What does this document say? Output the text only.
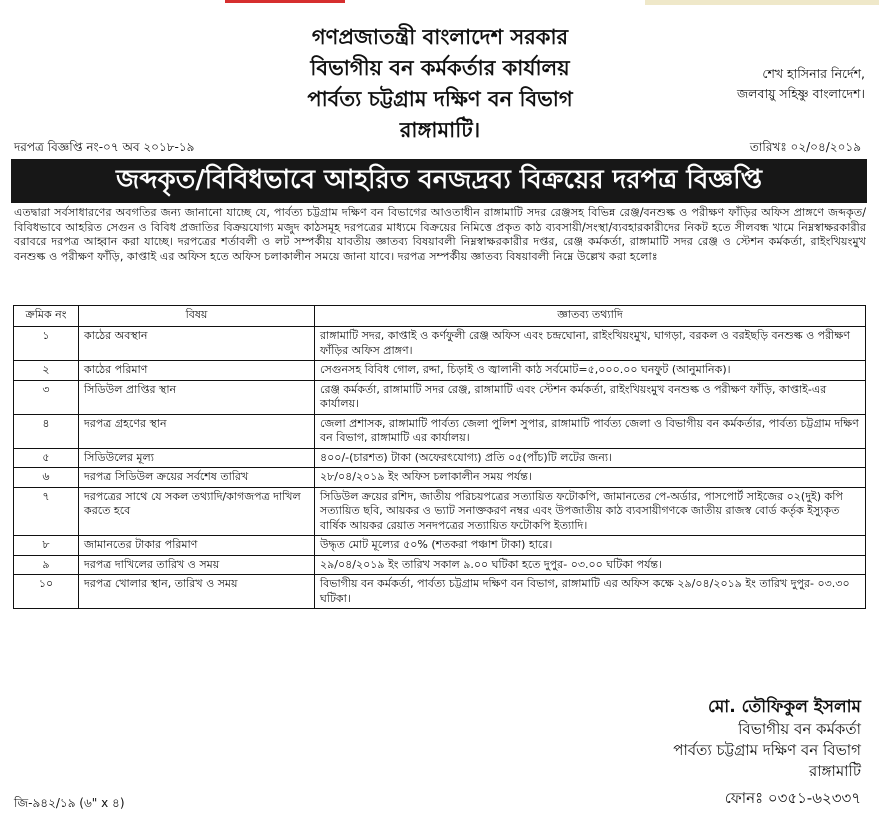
গণপ্রজাতন্ত্রী বাংলাদেশ সরকার
বিভাগীয় বন কর্মকর্তার কার্যালয়
পার্বত্য চট্টগ্রাম দক্ষিণ বন বিভাগ
রাঙ্গামাটি।
শেখ হাসিনার নির্দেশ,
জলবায়ু সহিষ্ণু বাংলাদেশ।
দরপত্র বিজ্ঞপ্তি নং-০৭ অব ২০১৮-১৯	তারিখঃ ০২/০৪/২০১৯
জব্দকৃত/বিবিধভাবে আহরিত বনজদ্রব্য বিক্রয়ের দরপত্র বিজ্ঞপ্তি
এতদ্বারা সর্বসাধারণের অবগতির জন্য জানানো যাচ্ছে যে, পার্বত্য চট্টগ্রাম দক্ষিণ বন বিভাগের আওতাধীন রাঙ্গামাটি সদর রেঞ্জসহ বিভিন্ন রেঞ্জ/বনশুল্ক ও পরীক্ষণ ফাঁড়ির অফিস প্রাঙ্গণে জব্দকৃত/বিবিধভাবে আহরিত সেগুন ও বিবিধ প্রজাতির বিক্রয়যোগ্য মজুদ কাঠসমূহ দরপত্রের মাধ্যমে বিক্রয়ের নিমিত্তে প্রকৃত কাঠ ব্যবসায়ী/সংস্থা/ব্যবহারকারীদের নিকট হতে সীলবন্ধ খামে নিম্নস্বাক্ষরকারীর বরাবরে দরপত্র আহ্বান করা যাচ্ছে। দরপত্রের শর্তাবলী ও লট সম্পর্কীয় যাবতীয় জ্ঞাতব্য বিষয়াবলী নিম্নস্বাক্ষরকারীর দপ্তর, রেঞ্জ কর্মকর্তা, রাঙ্গামাটি সদর রেঞ্জ ও স্টেশন কর্মকর্তা, রাইংখিয়ংমুখ বনশুল্ক ও পরীক্ষণ ফাঁড়ি, কাপ্তাই এর অফিস হতে অফিস চলাকালীন সময়ে জানা যাবে। দরপত্র সম্পর্কীয় জ্ঞাতব্য বিষয়াবলী নিম্নে উল্লেখ করা হলোঃ
ক্রমিক নং	বিষয়	জ্ঞাতব্য তথ্যাদি
১	কাঠের অবস্থান	রাঙ্গামাটি সদর, কাপ্তাই ও কর্ণফুলী রেঞ্জ অফিস এবং চন্দ্রঘোনা, রাইংখিয়ংমুখ, ঘাগড়া, বরকল ও বরইছড়ি বনশুল্ক ও পরীক্ষণ ফাঁড়ির অফিস প্রাঙ্গণ।
২	কাঠের পরিমাণ	সেগুনসহ বিবিধ গোল, রদ্দা, চিড়াই ও জ্বালানী কাঠ সর্বমোট=৫,০০০.০০ ঘনফুট (আনুমানিক)।
৩	সিডিউল প্রাপ্তির স্থান	রেঞ্জ কর্মকর্তা, রাঙ্গামাটি সদর রেঞ্জ, রাঙ্গামাটি এবং স্টেশন কর্মকর্তা, রাইংখিয়ংমুখ বনশুল্ক ও পরীক্ষণ ফাঁড়ি, কাপ্তাই-এর কার্যালয়।
৪	দরপত্র গ্রহণের স্থান	জেলা প্রশাসক, রাঙ্গামাটি পার্বত্য জেলা পুলিশ সুপার, রাঙ্গামাটি পার্বত্য জেলা ও বিভাগীয় বন কর্মকর্তার, পার্বত্য চট্টগ্রাম দক্ষিণ বন বিভাগ, রাঙ্গামাটি এর কার্যালয়।
৫	সিডিউলের মূল্য	৪০০/-(চারশত) টাকা (অফেরৎযোগ্য) প্রতি ০৫(পাঁচ)টি লটের জন্য।
৬	দরপত্র সিডিউল ক্রয়ের সর্বশেষ তারিখ	২৮/০৪/২০১৯ ইং অফিস চলাকালীন সময় পর্যন্ত।
৭	দরপত্রের সাথে যে সকল তথ্যাদি/কাগজপত্র দাখিল করতে হবে	সিডিউল ক্রয়ের রশিদ, জাতীয় পরিচয়পত্রের সত্যায়িত ফটোকপি, জামানতের পে-অর্ডার, পাসপোর্ট সাইজের ০২(দুই) কপি সত্যায়িত ছবি, আয়কর ও ভ্যাট সনাক্তকরণ নম্বর এবং উপজাতীয় কাঠ ব্যবসায়ীগণকে জাতীয় রাজস্ব বোর্ড কর্তৃক ইস্যুকৃত বার্ষিক আয়কর রেয়াত সনদপত্রের সত্যায়িত ফটোকপি ইত্যাদি।
৮	জামানতের টাকার পরিমাণ	উদ্ধৃত মোট মূল্যের ৫০% (শতকরা পঞ্চাশ টাকা) হারে।
৯	দরপত্র দাখিলের তারিখ ও সময়	২৯/০৪/২০১৯ ইং তারিখ সকাল ৯.০০ ঘটিকা হতে দুপুর- ০৩.০০ ঘটিকা পর্যন্ত।
১০	দরপত্র খোলার স্থান, তারিখ ও সময়	বিভাগীয় বন কর্মকর্তা, পার্বত্য চট্টগ্রাম দক্ষিণ বন বিভাগ, রাঙ্গামাটি এর অফিস কক্ষে ২৯/০৪/২০১৯ ইং তারিখ দুপুর- ০৩.৩০ ঘটিকা।
মো. তৌফিকুল ইসলাম
বিভাগীয় বন কর্মকর্তা
পার্বত্য চট্টগ্রাম দক্ষিণ বন বিভাগ
রাঙ্গামাটি
ফোনঃ ০৩৫১-৬২৩৩৭
জি-৯৪২/১৯ (৬" x ৪)
